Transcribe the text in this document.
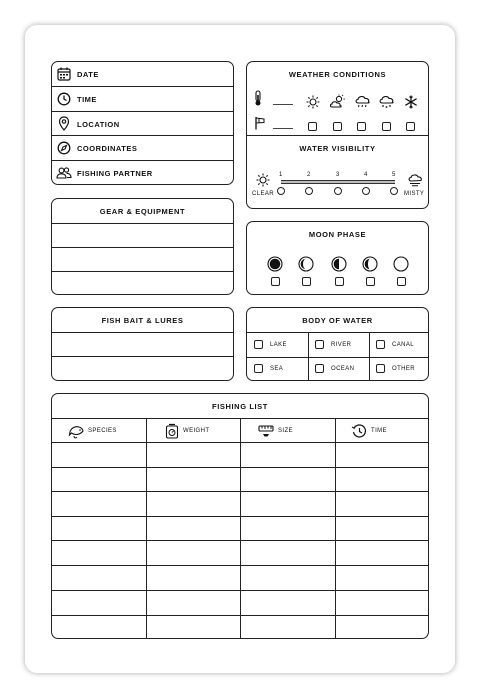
DATE
TIME
LOCATION
COORDINATES
FISHING PARTNER
WEATHER CONDITIONS
WATER VISIBILITY
CLEAR	MISTY
1	2	3	4	5
GEAR & EQUIPMENT
MOON PHASE
FISH BAIT & LURES	BODY OF WATER
LAKE	RIVER	CANAL
SEA	OCEAN	OTHER
FISHING LIST
SPECIES	WEIGHT	SIZE	TIME
